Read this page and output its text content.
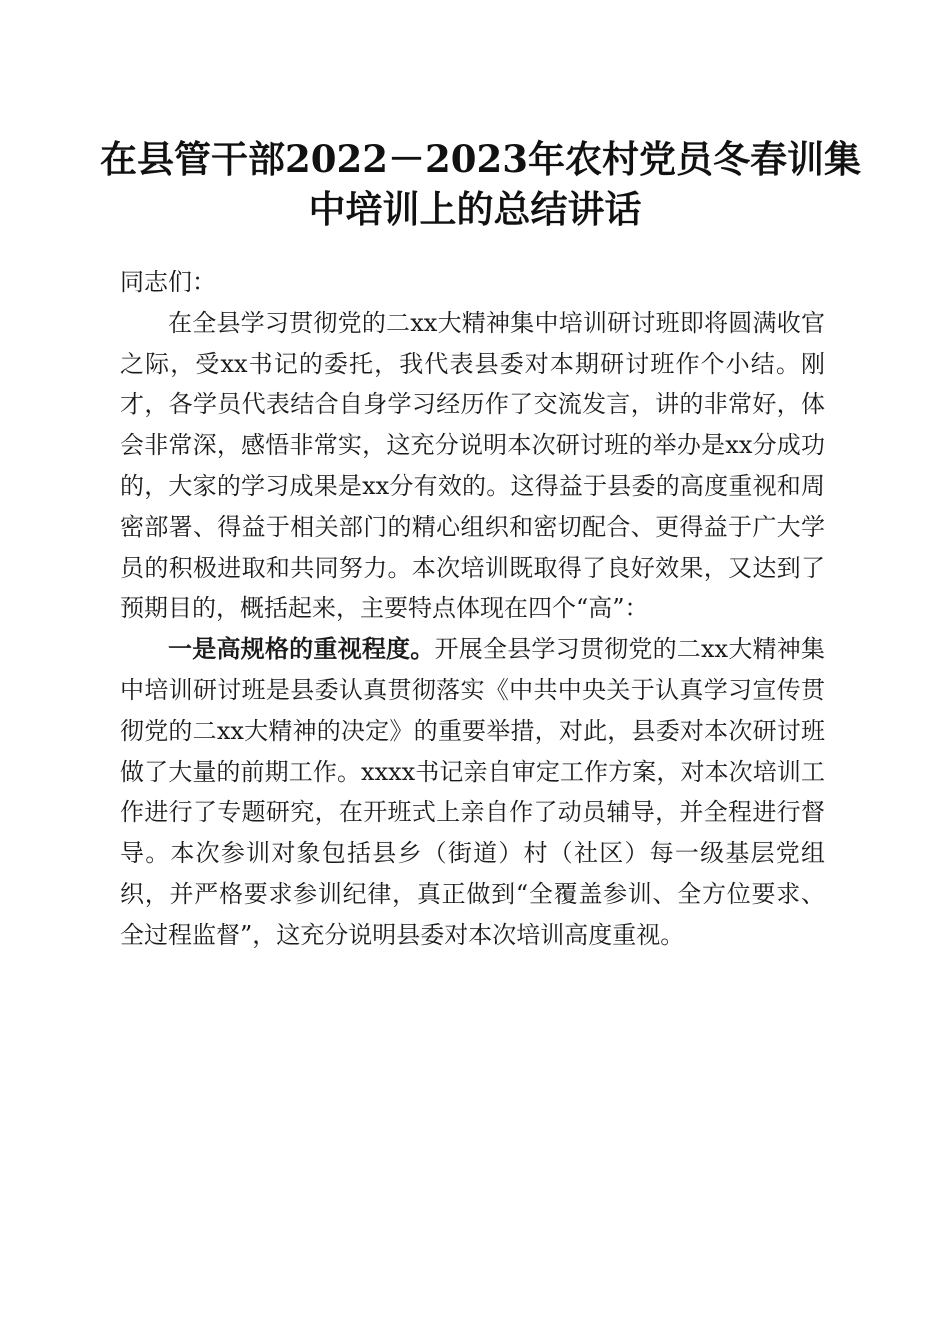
在县管干部2022－2023年农村党员冬春训集
中培训上的总结讲话

同志们：

在全县学习贯彻党的二xx大精神集中培训研讨班即将圆满收官之际，受xx书记的委托，我代表县委对本期研讨班作个小结。刚才，各学员代表结合自身学习经历作了交流发言，讲的非常好，体会非常深，感悟非常实，这充分说明本次研讨班的举办是xx分成功的，大家的学习成果是xx分有效的。这得益于县委的高度重视和周密部署、得益于相关部门的精心组织和密切配合、更得益于广大学员的积极进取和共同努力。本次培训既取得了良好效果，又达到了预期目的，概括起来，主要特点体现在四个“高”：

一是高规格的重视程度。开展全县学习贯彻党的二xx大精神集中培训研讨班是县委认真贯彻落实《中共中央关于认真学习宣传贯彻党的二xx大精神的决定》的重要举措，对此，县委对本次研讨班做了大量的前期工作。xxxx书记亲自审定工作方案，对本次培训工作进行了专题研究，在开班式上亲自作了动员辅导，并全程进行督导。本次参训对象包括县乡（街道）村（社区）每一级基层党组织，并严格要求参训纪律，真正做到“全覆盖参训、全方位要求、全过程监督”，这充分说明县委对本次培训高度重视。
